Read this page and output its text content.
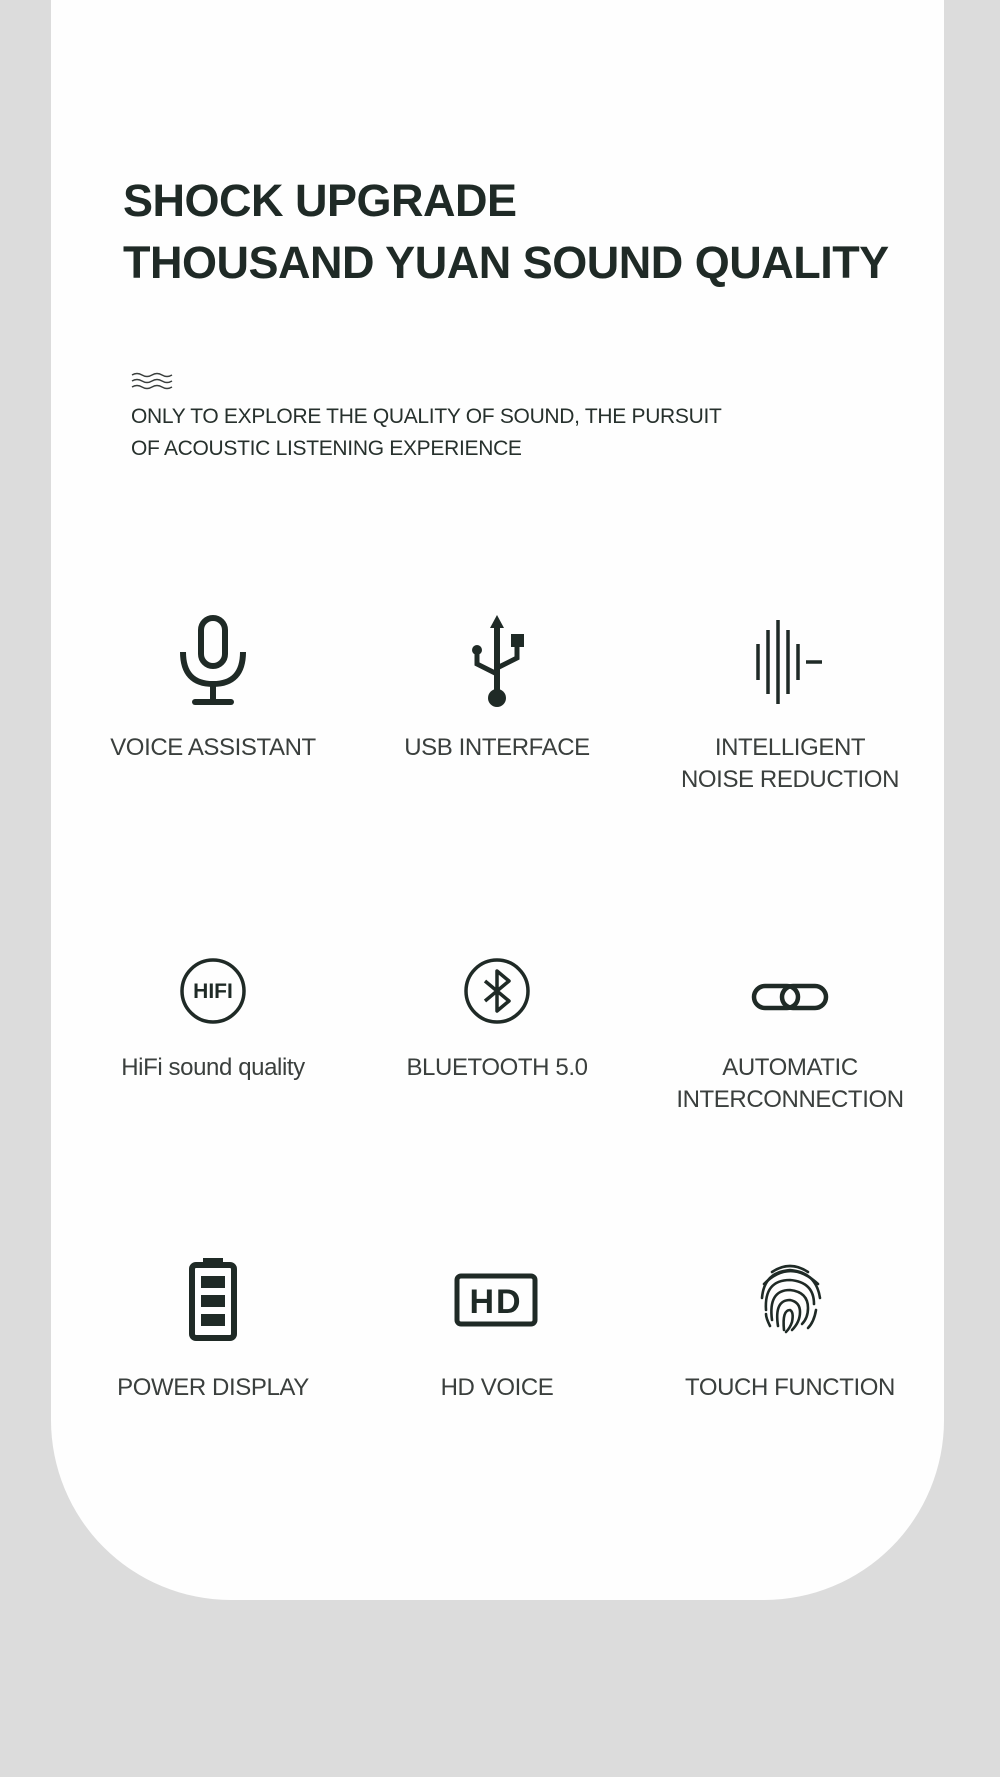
SHOCK UPGRADE
THOUSAND YUAN SOUND QUALITY

ONLY TO EXPLORE THE QUALITY OF SOUND, THE PURSUIT
OF ACOUSTIC LISTENING EXPERIENCE

VOICE ASSISTANT	USB INTERFACE	INTELLIGENT
NOISE REDUCTION
HIFI
HiFi sound quality	BLUETOOTH 5.0	AUTOMATIC
INTERCONNECTION
POWER DISPLAY
HD
HD VOICE	TOUCH FUNCTION
